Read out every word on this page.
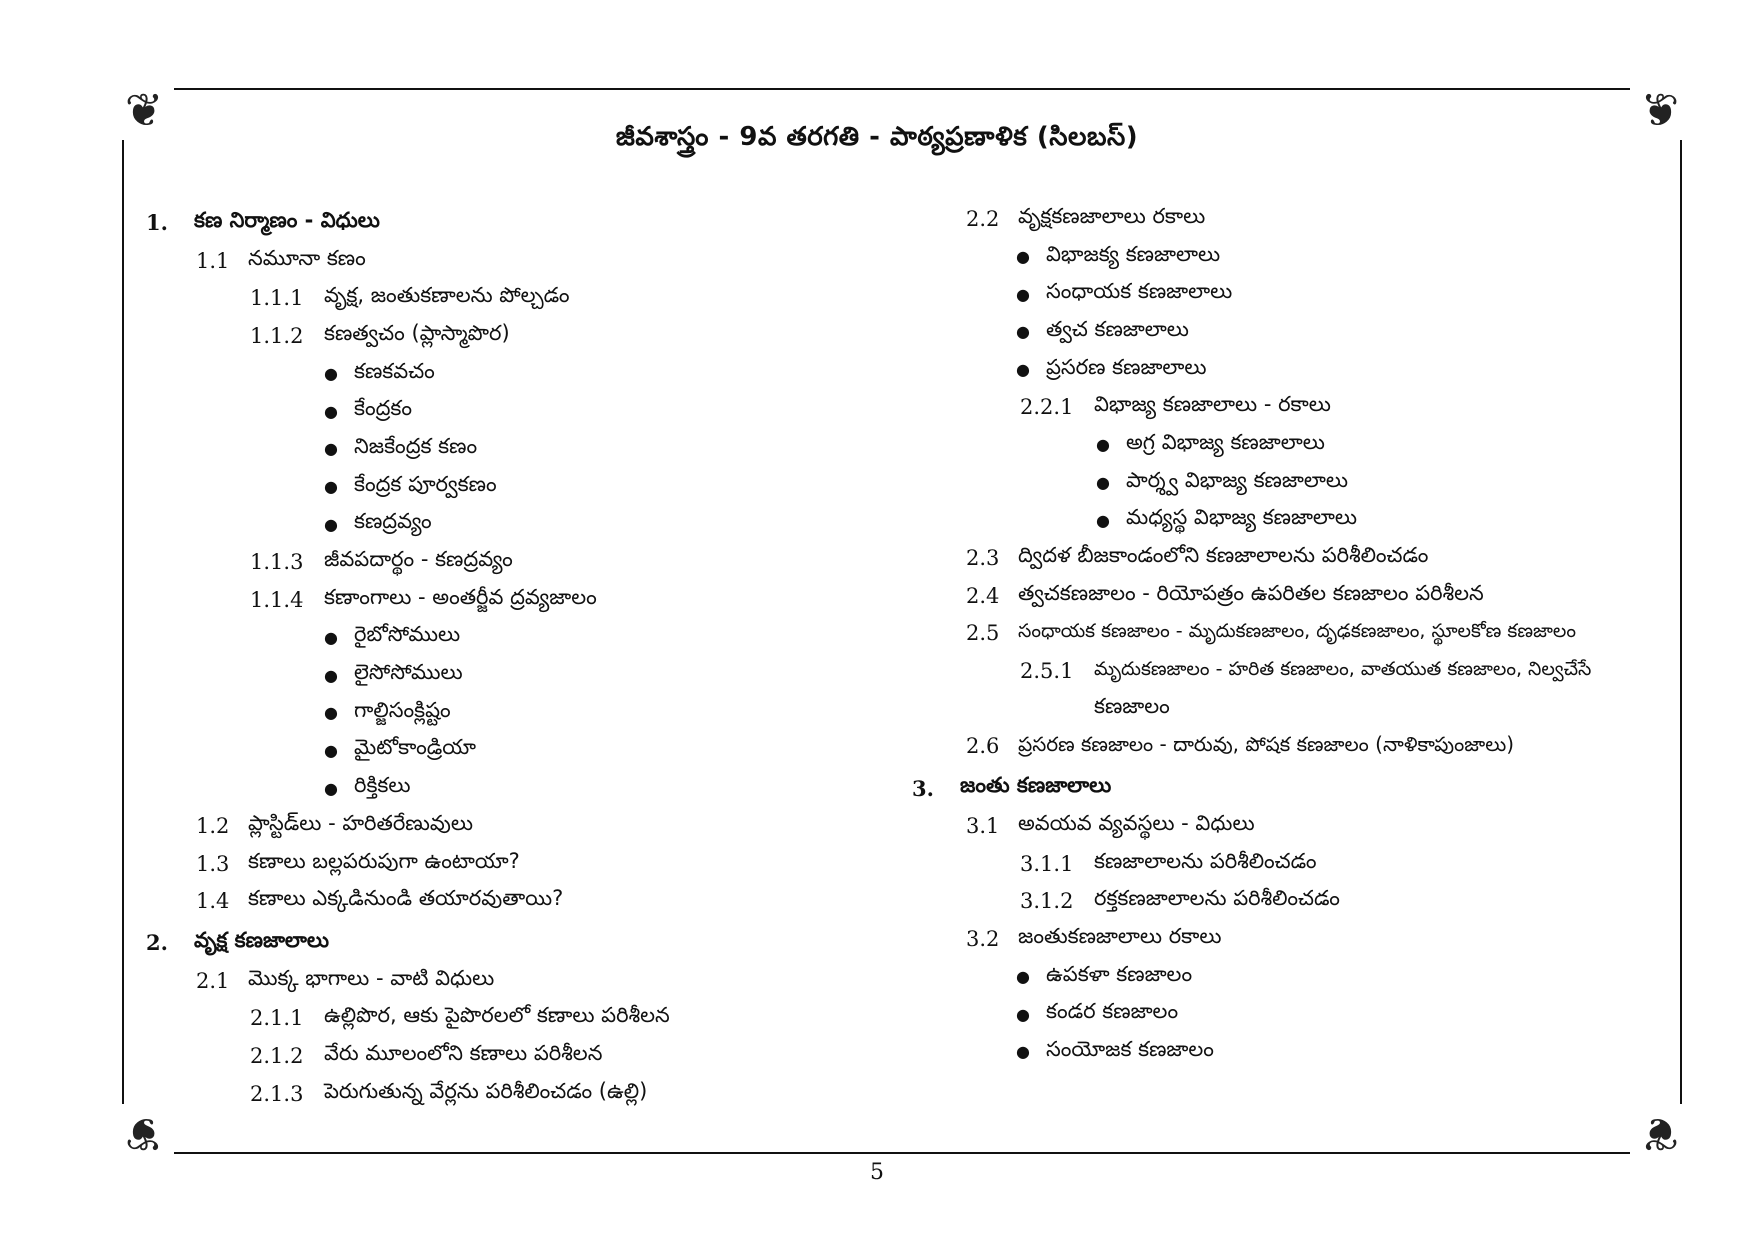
❦	❦
❦	❦
జీవశాస్త్రం - 9వ తరగతి - పాఠ్యప్రణాళిక (సిలబస్)
1.	కణ నిర్మాణం - విధులు
1.1 నమూనా కణం
1.1.1 వృక్ష, జంతుకణాలను పోల్చడం
1.1.2 కణత్వచం (ప్లాస్మాపొర)
● కణకవచం
● కేంద్రకం
● నిజకేంద్రక కణం
● కేంద్రక పూర్వకణం
● కణద్రవ్యం
1.1.3 జీవపదార్థం - కణద్రవ్యం
1.1.4 కణాంగాలు - అంతర్జీవ ద్రవ్యజాలం
● రైబోసోములు
● లైసోసోములు
● గాల్జిసంక్లిష్టం
● మైటోకాండ్రియా
● రిక్తికలు
1.2 ప్లాస్టిడ్‌లు - హరితరేణువులు
1.3 కణాలు బల్లపరుపుగా ఉంటాయా?
1.4 కణాలు ఎక్కడినుండి తయారవుతాయి?
2.	వృక్ష కణజాలాలు
2.1 మొక్క భాగాలు - వాటి విధులు
2.1.1 ఉల్లిపొర, ఆకు పైపొరలలో కణాలు పరిశీలన
2.1.2 వేరు మూలంలోని కణాలు పరిశీలన
2.1.3 పెరుగుతున్న వేర్లను పరిశీలించడం (ఉల్లి)
2.2 వృక్షకణజాలాలు రకాలు
● విభాజక్య కణజాలాలు
● సంధాయక కణజాలాలు
● త్వచ కణజాలాలు
● ప్రసరణ కణజాలాలు
2.2.1 విభాజ్య కణజాలాలు - రకాలు
● అగ్ర విభాజ్య కణజాలాలు
● పార్శ్వ విభాజ్య కణజాలాలు
● మధ్యస్థ విభాజ్య కణజాలాలు
2.3 ద్విదళ బీజకాండంలోని కణజాలాలను పరిశీలించడం
2.4 త్వచకణజాలం - రియోపత్రం ఉపరితల కణజాలం పరిశీలన
2.5 సంధాయక కణజాలం - మృదుకణజాలం, దృఢకణజాలం, స్థూలకోణ కణజాలం
2.5.1	మృదుకణజాలం - హరిత కణజాలం, వాతయుత కణజాలం, నిల్వచేసే
కణజాలం
2.6 ప్రసరణ కణజాలం - దారువు, పోషక కణజాలం (నాళికాపుంజాలు)
3.	జంతు కణజాలాలు
3.1 అవయవ వ్యవస్థలు - విధులు
3.1.1 కణజాలాలను పరిశీలించడం
3.1.2 రక్తకణజాలాలను పరిశీలించడం
3.2 జంతుకణజాలాలు రకాలు
● ఉపకళా కణజాలం
● కండర కణజాలం
● సంయోజక కణజాలం
5
